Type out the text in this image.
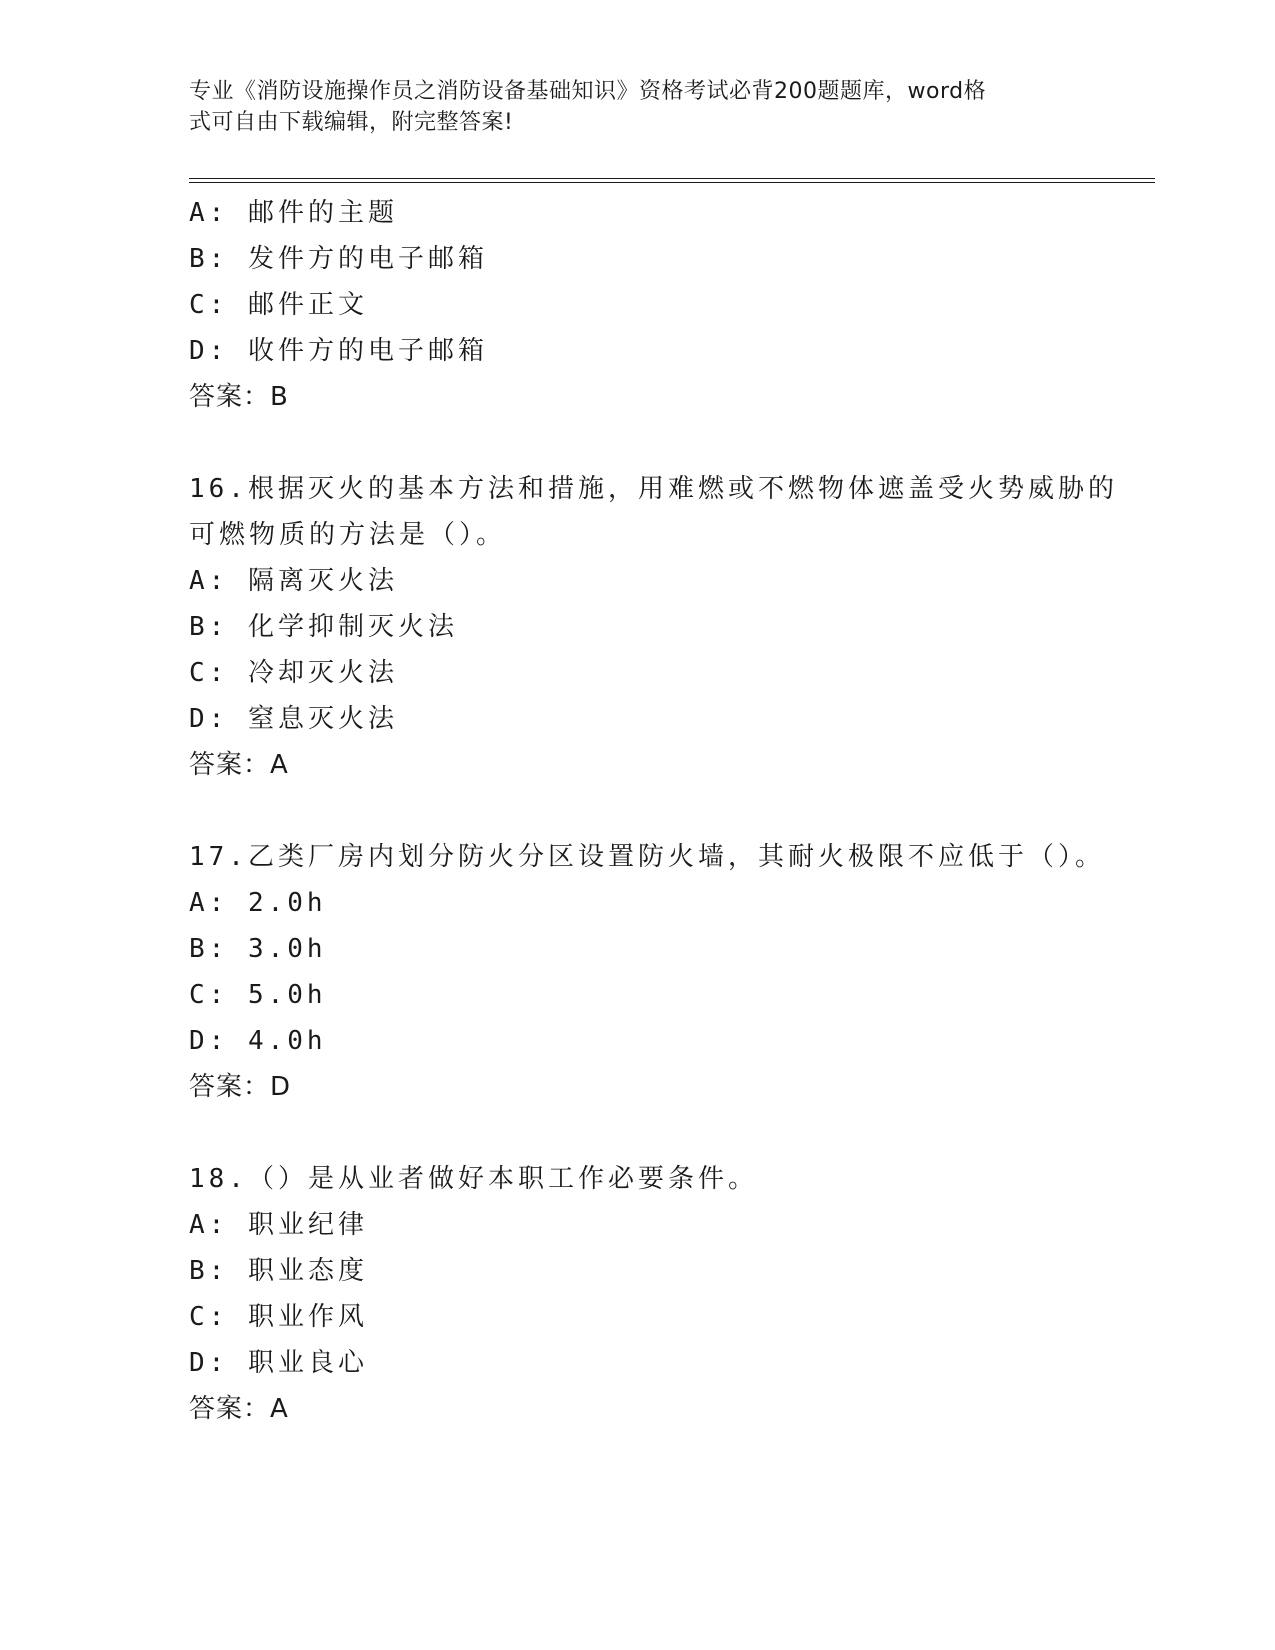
专业《消防设施操作员之消防设备基础知识》资格考试必背200题题库，word格
式可自由下载编辑，附完整答案!
A: 邮件的主题
B: 发件方的电子邮箱
C: 邮件正文
D: 收件方的电子邮箱
答案：B
16.根据灭火的基本方法和措施，用难燃或不燃物体遮盖受火势威胁的
可燃物质的方法是（）。
A: 隔离灭火法
B: 化学抑制灭火法
C: 冷却灭火法
D: 窒息灭火法
答案：A
17.乙类厂房内划分防火分区设置防火墙，其耐火极限不应低于（）。
A: 2.0h
B: 3.0h
C: 5.0h
D: 4.0h
答案：D
18.（）是从业者做好本职工作必要条件。
A: 职业纪律
B: 职业态度
C: 职业作风
D: 职业良心
答案：A
